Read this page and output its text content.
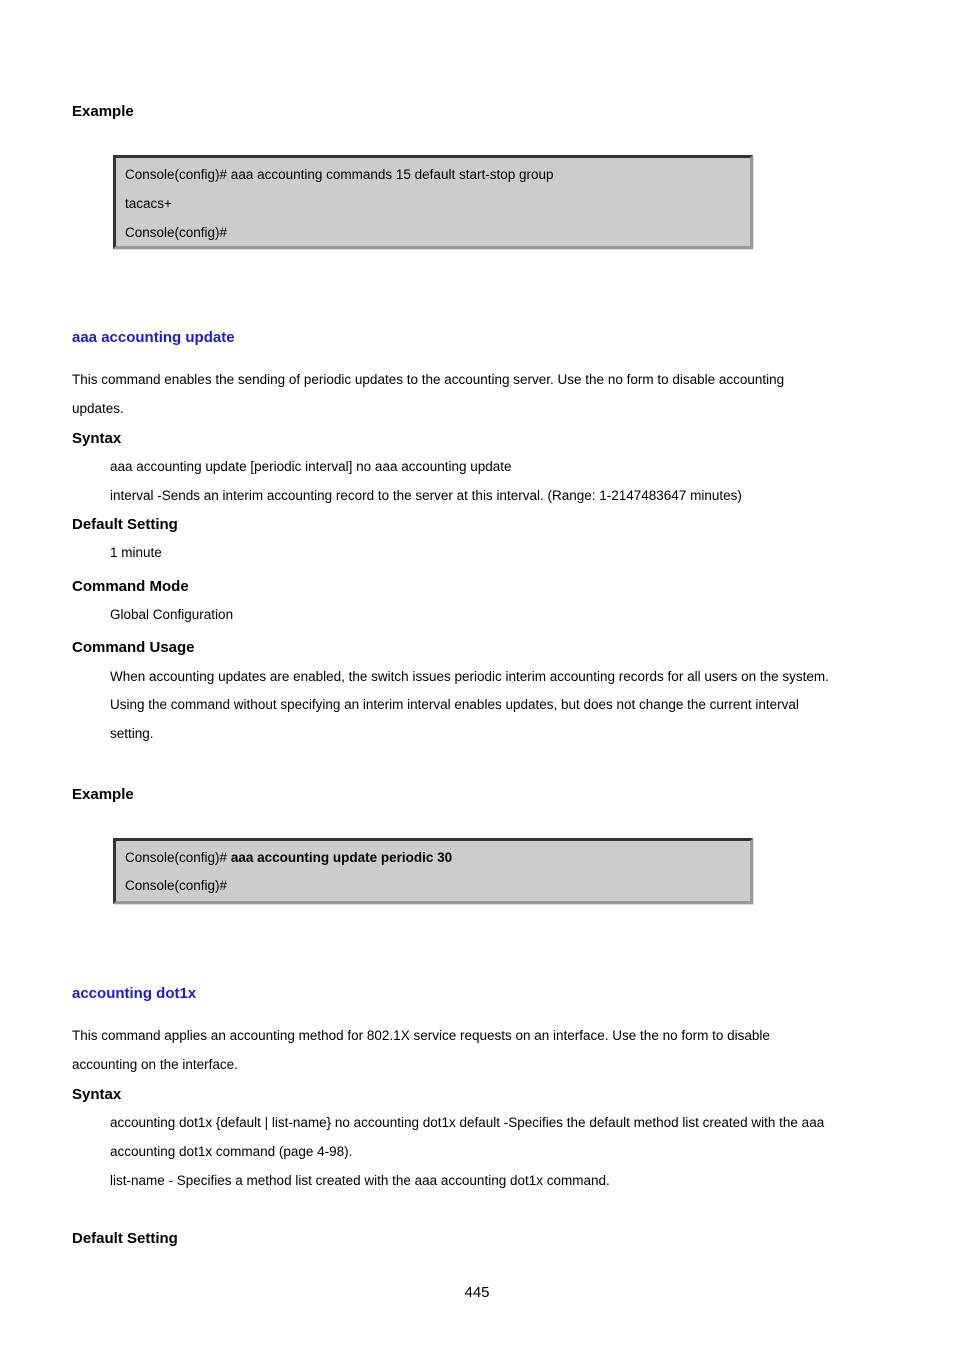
Example
Console(config)# aaa accounting commands 15 default start-stop group
tacacs+
Console(config)#
aaa accounting update
This command enables the sending of periodic updates to the accounting server. Use the no form to disable accounting
updates.
Syntax
aaa accounting update [periodic interval] no aaa accounting update
interval -Sends an interim accounting record to the server at this interval. (Range: 1-2147483647 minutes)
Default Setting
1 minute
Command Mode
Global Configuration
Command Usage
When accounting updates are enabled, the switch issues periodic interim accounting records for all users on the system.
Using the command without specifying an interim interval enables updates, but does not change the current interval
setting.
Example
Console(config)# aaa accounting update periodic 30
Console(config)#
accounting dot1x
This command applies an accounting method for 802.1X service requests on an interface. Use the no form to disable
accounting on the interface.
Syntax
accounting dot1x {default | list-name} no accounting dot1x default -Specifies the default method list created with the aaa
accounting dot1x command (page 4-98).
list-name - Specifies a method list created with the aaa accounting dot1x command.
Default Setting
445
